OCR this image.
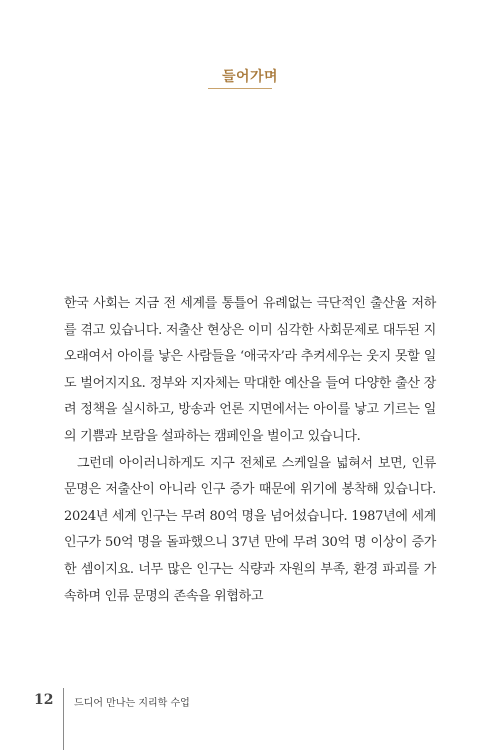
들어가며

한국 사회는 지금 전 세계를 통틀어 유례없는 극단적인 출산율 저하를 겪고 있습니다. 저출산 현상은 이미 심각한 사회문제로 대두된 지 오래여서 아이를 낳은 사람들을 ‘애국자’라 추켜세우는 웃지 못할 일도 벌어지지요. 정부와 지자체는 막대한 예산을 들여 다양한 출산 장려 정책을 실시하고, 방송과 언론 지면에서는 아이를 낳고 기르는 일의 기쁨과 보람을 설파하는 캠페인을 벌이고 있습니다.

그런데 아이러니하게도 지구 전체로 스케일을 넓혀서 보면, 인류 문명은 저출산이 아니라 인구 증가 때문에 위기에 봉착해 있습니다. 2024년 세계 인구는 무려 80억 명을 넘어섰습니다. 1987년에 세계 인구가 50억 명을 돌파했으니 37년 만에 무려 30억 명 이상이 증가한 셈이지요. 너무 많은 인구는 식량과 자원의 부족, 환경 파괴를 가속하며 인류 문명의 존속을 위협하고

12 드디어 만나는 지리학 수업
